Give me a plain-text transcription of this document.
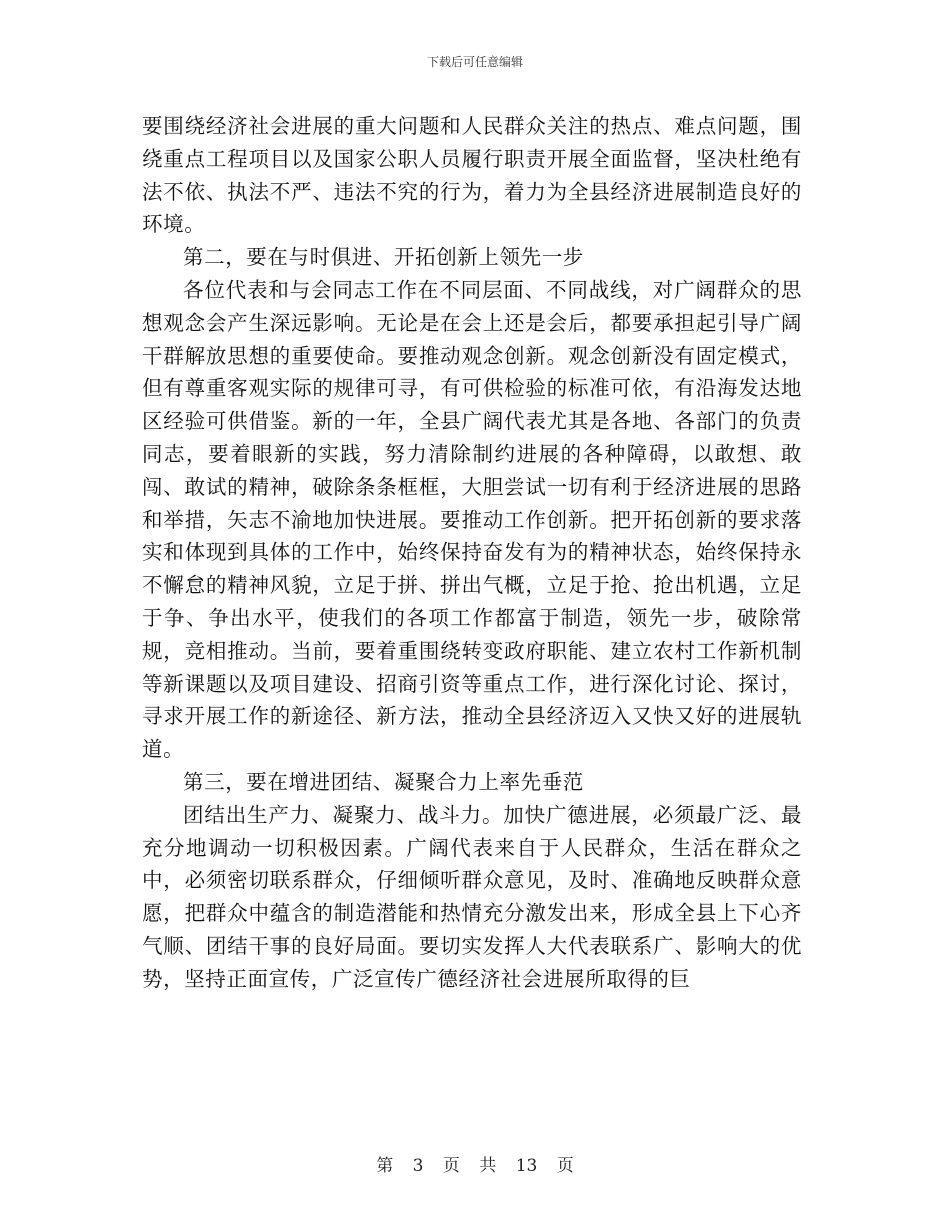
下载后可任意编辑

要围绕经济社会进展的重大问题和人民群众关注的热点、难点问题，围绕重点工程项目以及国家公职人员履行职责开展全面监督，坚决杜绝有法不依、执法不严、违法不究的行为，着力为全县经济进展制造良好的环境。

第二，要在与时俱进、开拓创新上领先一步

各位代表和与会同志工作在不同层面、不同战线，对广阔群众的思想观念会产生深远影响。无论是在会上还是会后，都要承担起引导广阔干群解放思想的重要使命。要推动观念创新。观念创新没有固定模式，但有尊重客观实际的规律可寻，有可供检验的标准可依，有沿海发达地区经验可供借鉴。新的一年，全县广阔代表尤其是各地、各部门的负责同志，要着眼新的实践，努力清除制约进展的各种障碍，以敢想、敢闯、敢试的精神，破除条条框框，大胆尝试一切有利于经济进展的思路和举措，矢志不渝地加快进展。要推动工作创新。把开拓创新的要求落实和体现到具体的工作中，始终保持奋发有为的精神状态，始终保持永不懈怠的精神风貌，立足于拼、拼出气概，立足于抢、抢出机遇，立足于争、争出水平，使我们的各项工作都富于制造，领先一步，破除常规，竞相推动。当前，要着重围绕转变政府职能、建立农村工作新机制等新课题以及项目建设、招商引资等重点工作，进行深化讨论、探讨，寻求开展工作的新途径、新方法，推动全县经济迈入又快又好的进展轨道。

第三，要在增进团结、凝聚合力上率先垂范

团结出生产力、凝聚力、战斗力。加快广德进展，必须最广泛、最充分地调动一切积极因素。广阔代表来自于人民群众，生活在群众之中，必须密切联系群众，仔细倾听群众意见，及时、准确地反映群众意愿，把群众中蕴含的制造潜能和热情充分激发出来，形成全县上下心齐气顺、团结干事的良好局面。要切实发挥人大代表联系广、影响大的优势，坚持正面宣传，广泛宣传广德经济社会进展所取得的巨

第 3 页 共 13 页
